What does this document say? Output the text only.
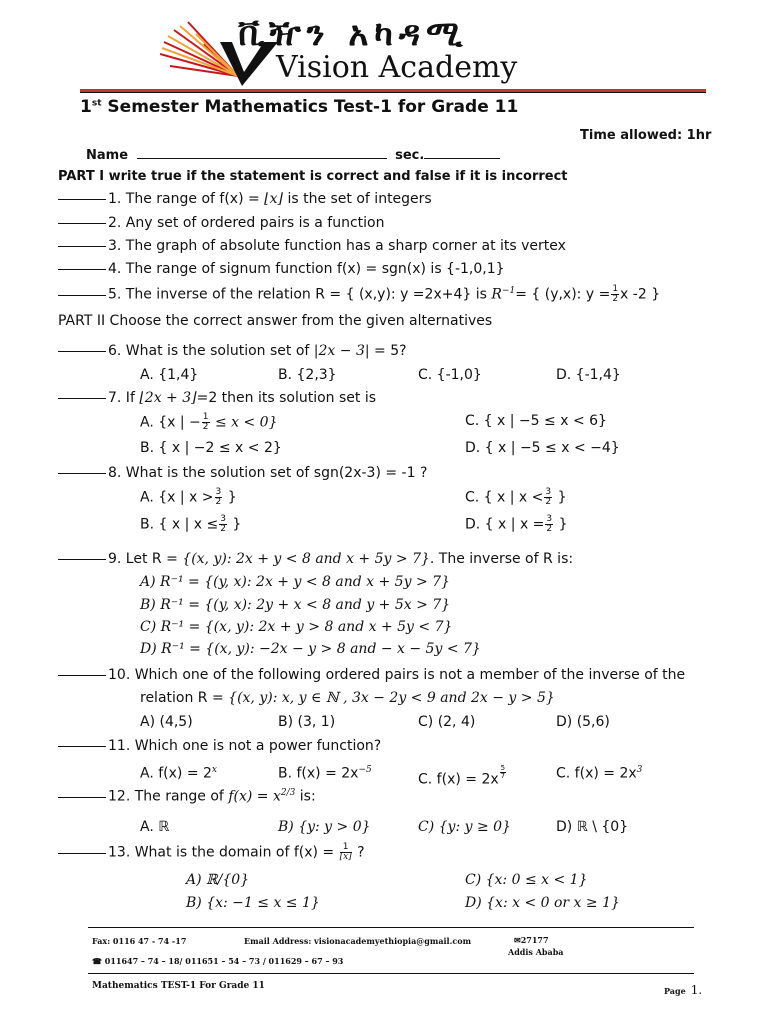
ቪዥን አካዳሚ
Vision Academy
1st Semester Mathematics Test-1 for Grade 11
Time allowed: 1hr
Name	sec.
PART I write true if the statement is correct and false if it is incorrect
1. The range of f(x) = ⌊x⌋ is the set of integers
2. Any set of ordered pairs is a function
3. The graph of absolute function has a sharp corner at its vertex
4. The range of signum function f(x) = sgn(x) is {-1,0,1}
5. The inverse of the relation R = { (x,y): y =2x+4} is $R^{-1}=$ { (y,x): $y = \frac{1}{2}$ x -2 }
PART II Choose the correct answer from the given alternatives
6. What is the solution set of |2x − 3| = 5?
A. {1,4}	B. {2,3}	C. {-1,0}	D. {-1,4}
7. If ⌊2x + 3⌋=2 then its solution set is
A. {x | − $\frac{1}{2} \le x < 0$}	C. { x | −5 ≤ x < 6}
B. { x | −2 ≤ x < 2}	D. { x | −5 ≤ x < −4}
8. What is the solution set of sgn(2x-3) = -1 ?
A. {x | $x > \frac{3}{2}$ }	C. { x | $x < \frac{3}{2}$ }
B. { x | $x \le \frac{3}{2}$ }	D. { x | $x = \frac{3}{2}$ }
9. Let R = {(x, y): 2x + y < 8 and x + 5y > 7}. The inverse of R is:
A) R⁻¹ = {(y, x): 2x + y < 8 and x + 5y > 7}
B) R⁻¹ = {(y, x): 2y + x < 8 and y + 5x > 7}
C) R⁻¹ = {(x, y): 2x + y > 8 and x + 5y < 7}
D) R⁻¹ = {(x, y): −2x − y > 8 and − x − 5y < 7}
10. Which one of the following ordered pairs is not a member of the inverse of the
relation R = {(x, y): x, y ∈ ℕ , 3x − 2y < 9 and 2x − y > 5}
A) (4,5)	B) (3, 1)	C) (2, 4)	D) (5,6)
11. Which one is not a power function?
A. $f(x) = 2^x$	B. $f(x) = 2x^{-5}$
C. $f(x) = 2x \frac{5}{7}$	C. $f(x) = 2x^3$
12. The range of $f(x) = x^{2/3}$ is:
A. ℝ	B) {y: y > 0}	C) {y: y ≥ 0}	D) ℝ \ {0}
13. What is the domain of $f(x) = \frac{1}{⌊x⌋}$ ?
A) ℝ/{0}	C) {x: 0 ≤ x < 1}
B) {x: −1 ≤ x ≤ 1}	D) {x: x < 0 or x ≥ 1}
Fax: 0116 47 - 74 -17	Email Address: visionacademyethiopia@gmail.com	✉27177
Addis Ababa
☎ 011647 – 74 – 18/ 011651 – 54 – 73 / 011629 – 67 – 93
Mathematics TEST-1 For Grade 11	Page 1.
